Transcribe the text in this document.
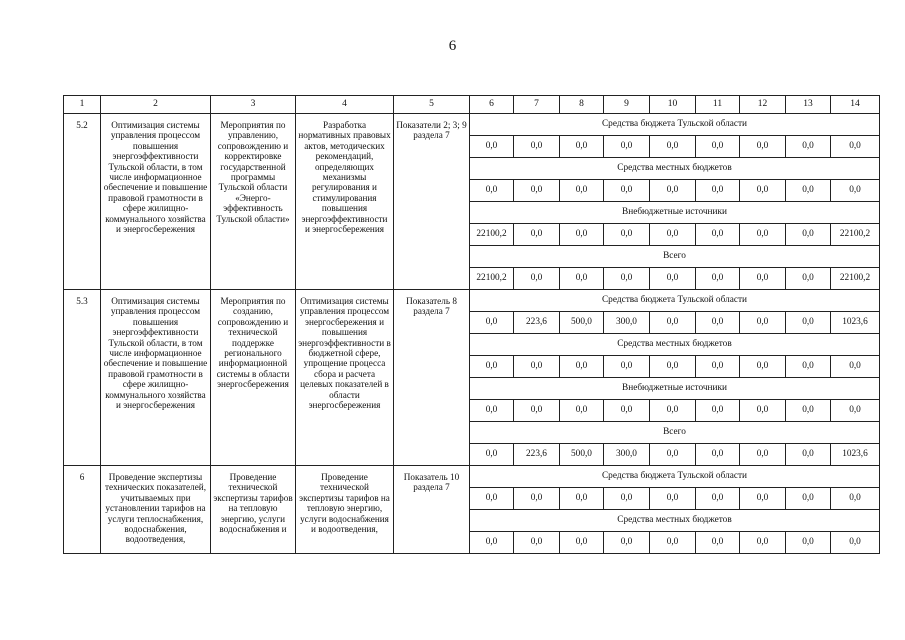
6
1	2	3	4	5	6	7	8	9	10	11	12	13	14
5.2	Оптимизация системы управления процессом повышения энергоэффективности Тульской области, в том числе информационное обеспечение и повышение правовой грамотности в сфере жилищно-коммунального хозяйства и энергосбережения	Мероприятия по управлению, сопровождению и корректировке государственной программы Тульской области «Энерго-эффективность Тульской области»	Разработка нормативных правовых актов, методических рекомендаций, определяющих механизмы регулирования и стимулирования повышения энергоэффективности и энергосбережения	Показатели 2; 3; 9 раздела 7	Средства бюджета Тульской области								
					0,0	0,0	0,0	0,0	0,0	0,0	0,0	0,0	0,0
					Средства местных бюджетов								
					0,0	0,0	0,0	0,0	0,0	0,0	0,0	0,0	0,0
					Внебюджетные источники								
					22100,2	0,0	0,0	0,0	0,0	0,0	0,0	0,0	22100,2
					Всего								
					22100,2	0,0	0,0	0,0	0,0	0,0	0,0	0,0	22100,2
5.3	Оптимизация системы управления процессом повышения энергоэффективности Тульской области, в том числе информационное обеспечение и повышение правовой грамотности в сфере жилищно-коммунального хозяйства и энергосбережения	Мероприятия по созданию, сопровождению и технической поддержке регионального информационной системы в области энергосбережения	Оптимизация системы управления процессом энергосбережения и повышения энергоэффективности в бюджетной сфере, упрощение процесса сбора и расчета целевых показателей в области энергосбережения	Показатель 8 раздела 7	Средства бюджета Тульской области								
					0,0	223,6	500,0	300,0	0,0	0,0	0,0	0,0	1023,6
					Средства местных бюджетов								
					0,0	0,0	0,0	0,0	0,0	0,0	0,0	0,0	0,0
					Внебюджетные источники								
					0,0	0,0	0,0	0,0	0,0	0,0	0,0	0,0	0,0
					Всего								
					0,0	223,6	500,0	300,0	0,0	0,0	0,0	0,0	1023,6
6	Проведение экспертизы технических показателей, учитываемых при установлении тарифов на услуги теплоснабжения, водоснабжения, водоотведения,	Проведение технической экспертизы тарифов на тепловую энергию, услуги водоснабжения и	Проведение технической экспертизы тарифов на тепловую энергию, услуги водоснабжения и водоотведения,	Показатель 10 раздела 7	Средства бюджета Тульской области								
					0,0	0,0	0,0	0,0	0,0	0,0	0,0	0,0	0,0
					Средства местных бюджетов								
					0,0	0,0	0,0	0,0	0,0	0,0	0,0	0,0	0,0
